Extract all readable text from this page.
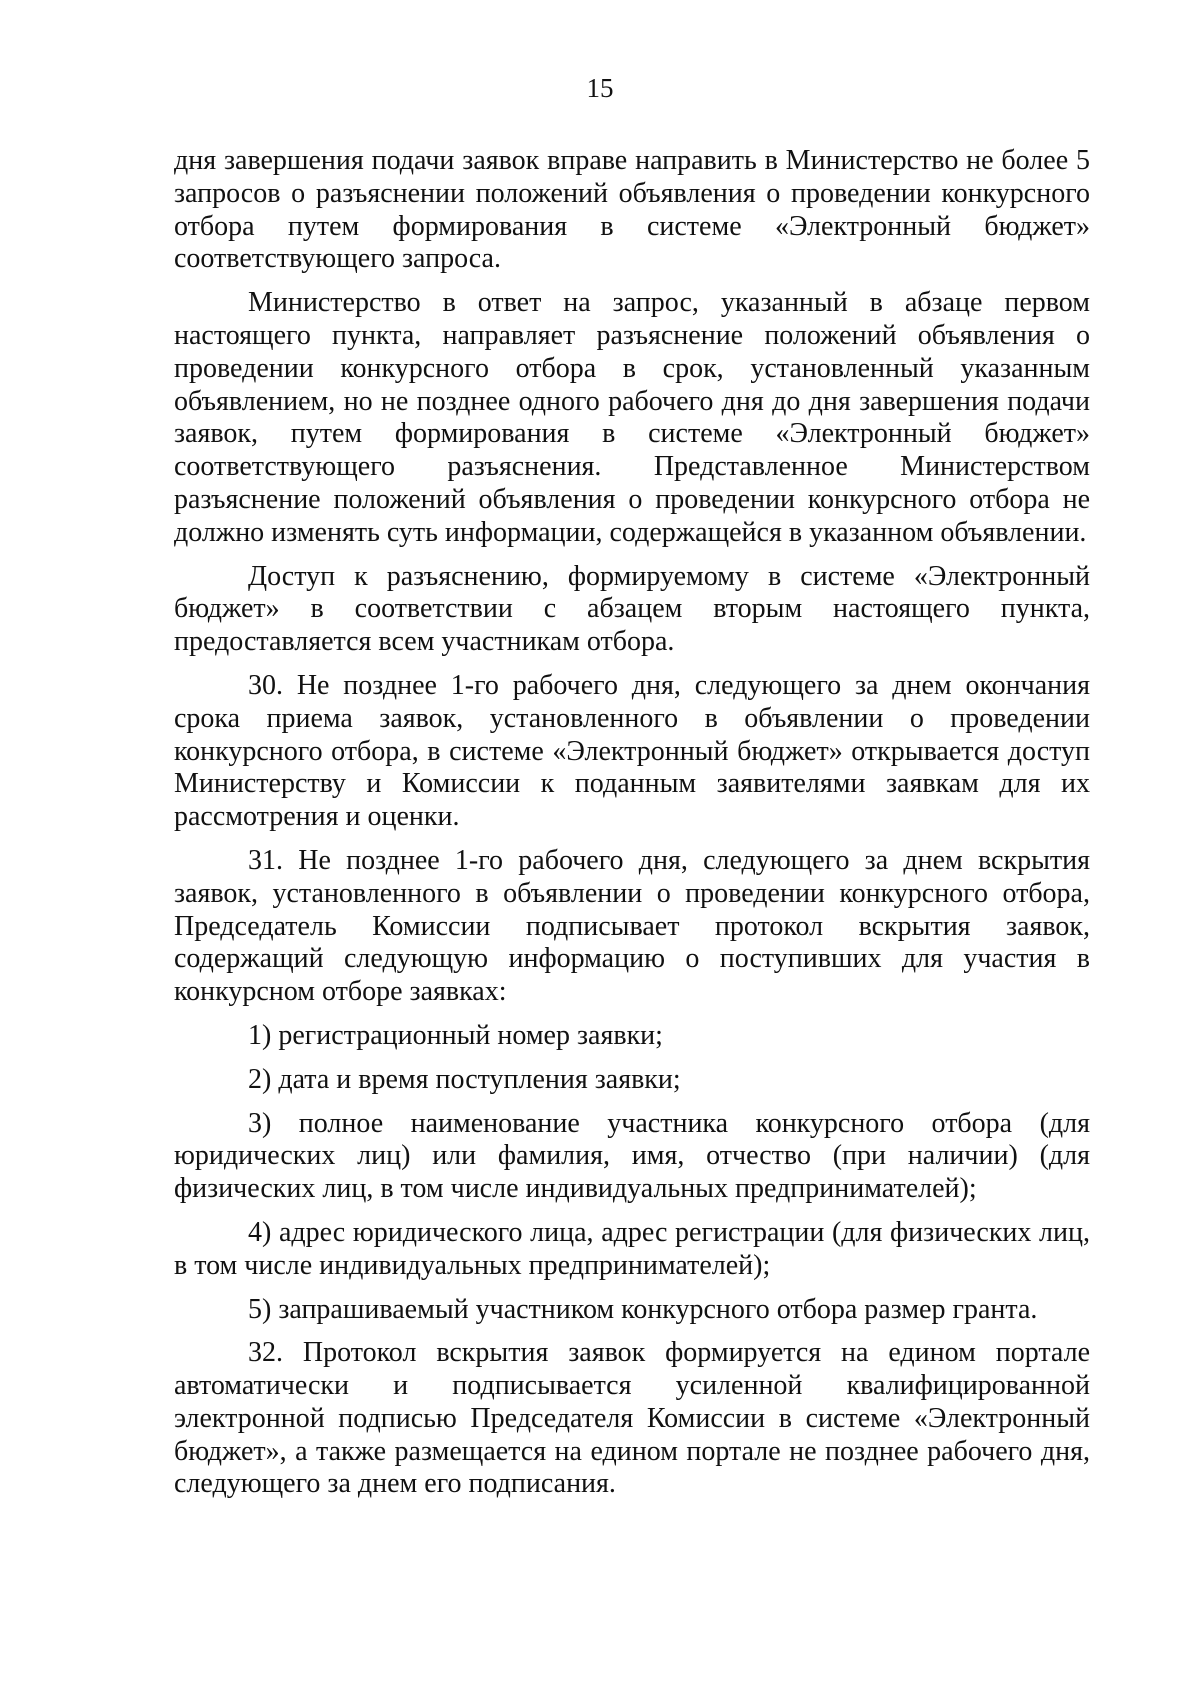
15

дня завершения подачи заявок вправе направить в Министерство не более 5 запросов о разъяснении положений объявления о проведении конкурсного отбора путем формирования в системе «Электронный бюджет» соответствующего запроса.

Министерство в ответ на запрос, указанный в абзаце первом настоящего пункта, направляет разъяснение положений объявления о проведении конкурсного отбора в срок, установленный указанным объявлением, но не позднее одного рабочего дня до дня завершения подачи заявок, путем формирования в системе «Электронный бюджет» соответствующего разъяснения. Представленное Министерством разъяснение положений объявления о проведении конкурсного отбора не должно изменять суть информации, содержащейся в указанном объявлении.

Доступ к разъяснению, формируемому в системе «Электронный бюджет» в соответствии с абзацем вторым настоящего пункта, предоставляется всем участникам отбора.

30. Не позднее 1-го рабочего дня, следующего за днем окончания срока приема заявок, установленного в объявлении о проведении конкурсного отбора, в системе «Электронный бюджет» открывается доступ Министерству и Комиссии к поданным заявителями заявкам для их рассмотрения и оценки.

31. Не позднее 1-го рабочего дня, следующего за днем вскрытия заявок, установленного в объявлении о проведении конкурсного отбора, Председатель Комиссии подписывает протокол вскрытия заявок, содержащий следующую информацию о поступивших для участия в конкурсном отборе заявках:

1) регистрационный номер заявки;

2) дата и время поступления заявки;

3) полное наименование участника конкурсного отбора (для юридических лиц) или фамилия, имя, отчество (при наличии) (для физических лиц, в том числе индивидуальных предпринимателей);

4) адрес юридического лица, адрес регистрации (для физических лиц, в том числе индивидуальных предпринимателей);

5) запрашиваемый участником конкурсного отбора размер гранта.

32. Протокол вскрытия заявок формируется на едином портале автоматически и подписывается усиленной квалифицированной электронной подписью Председателя Комиссии в системе «Электронный бюджет», а также размещается на едином портале не позднее рабочего дня, следующего за днем его подписания.
